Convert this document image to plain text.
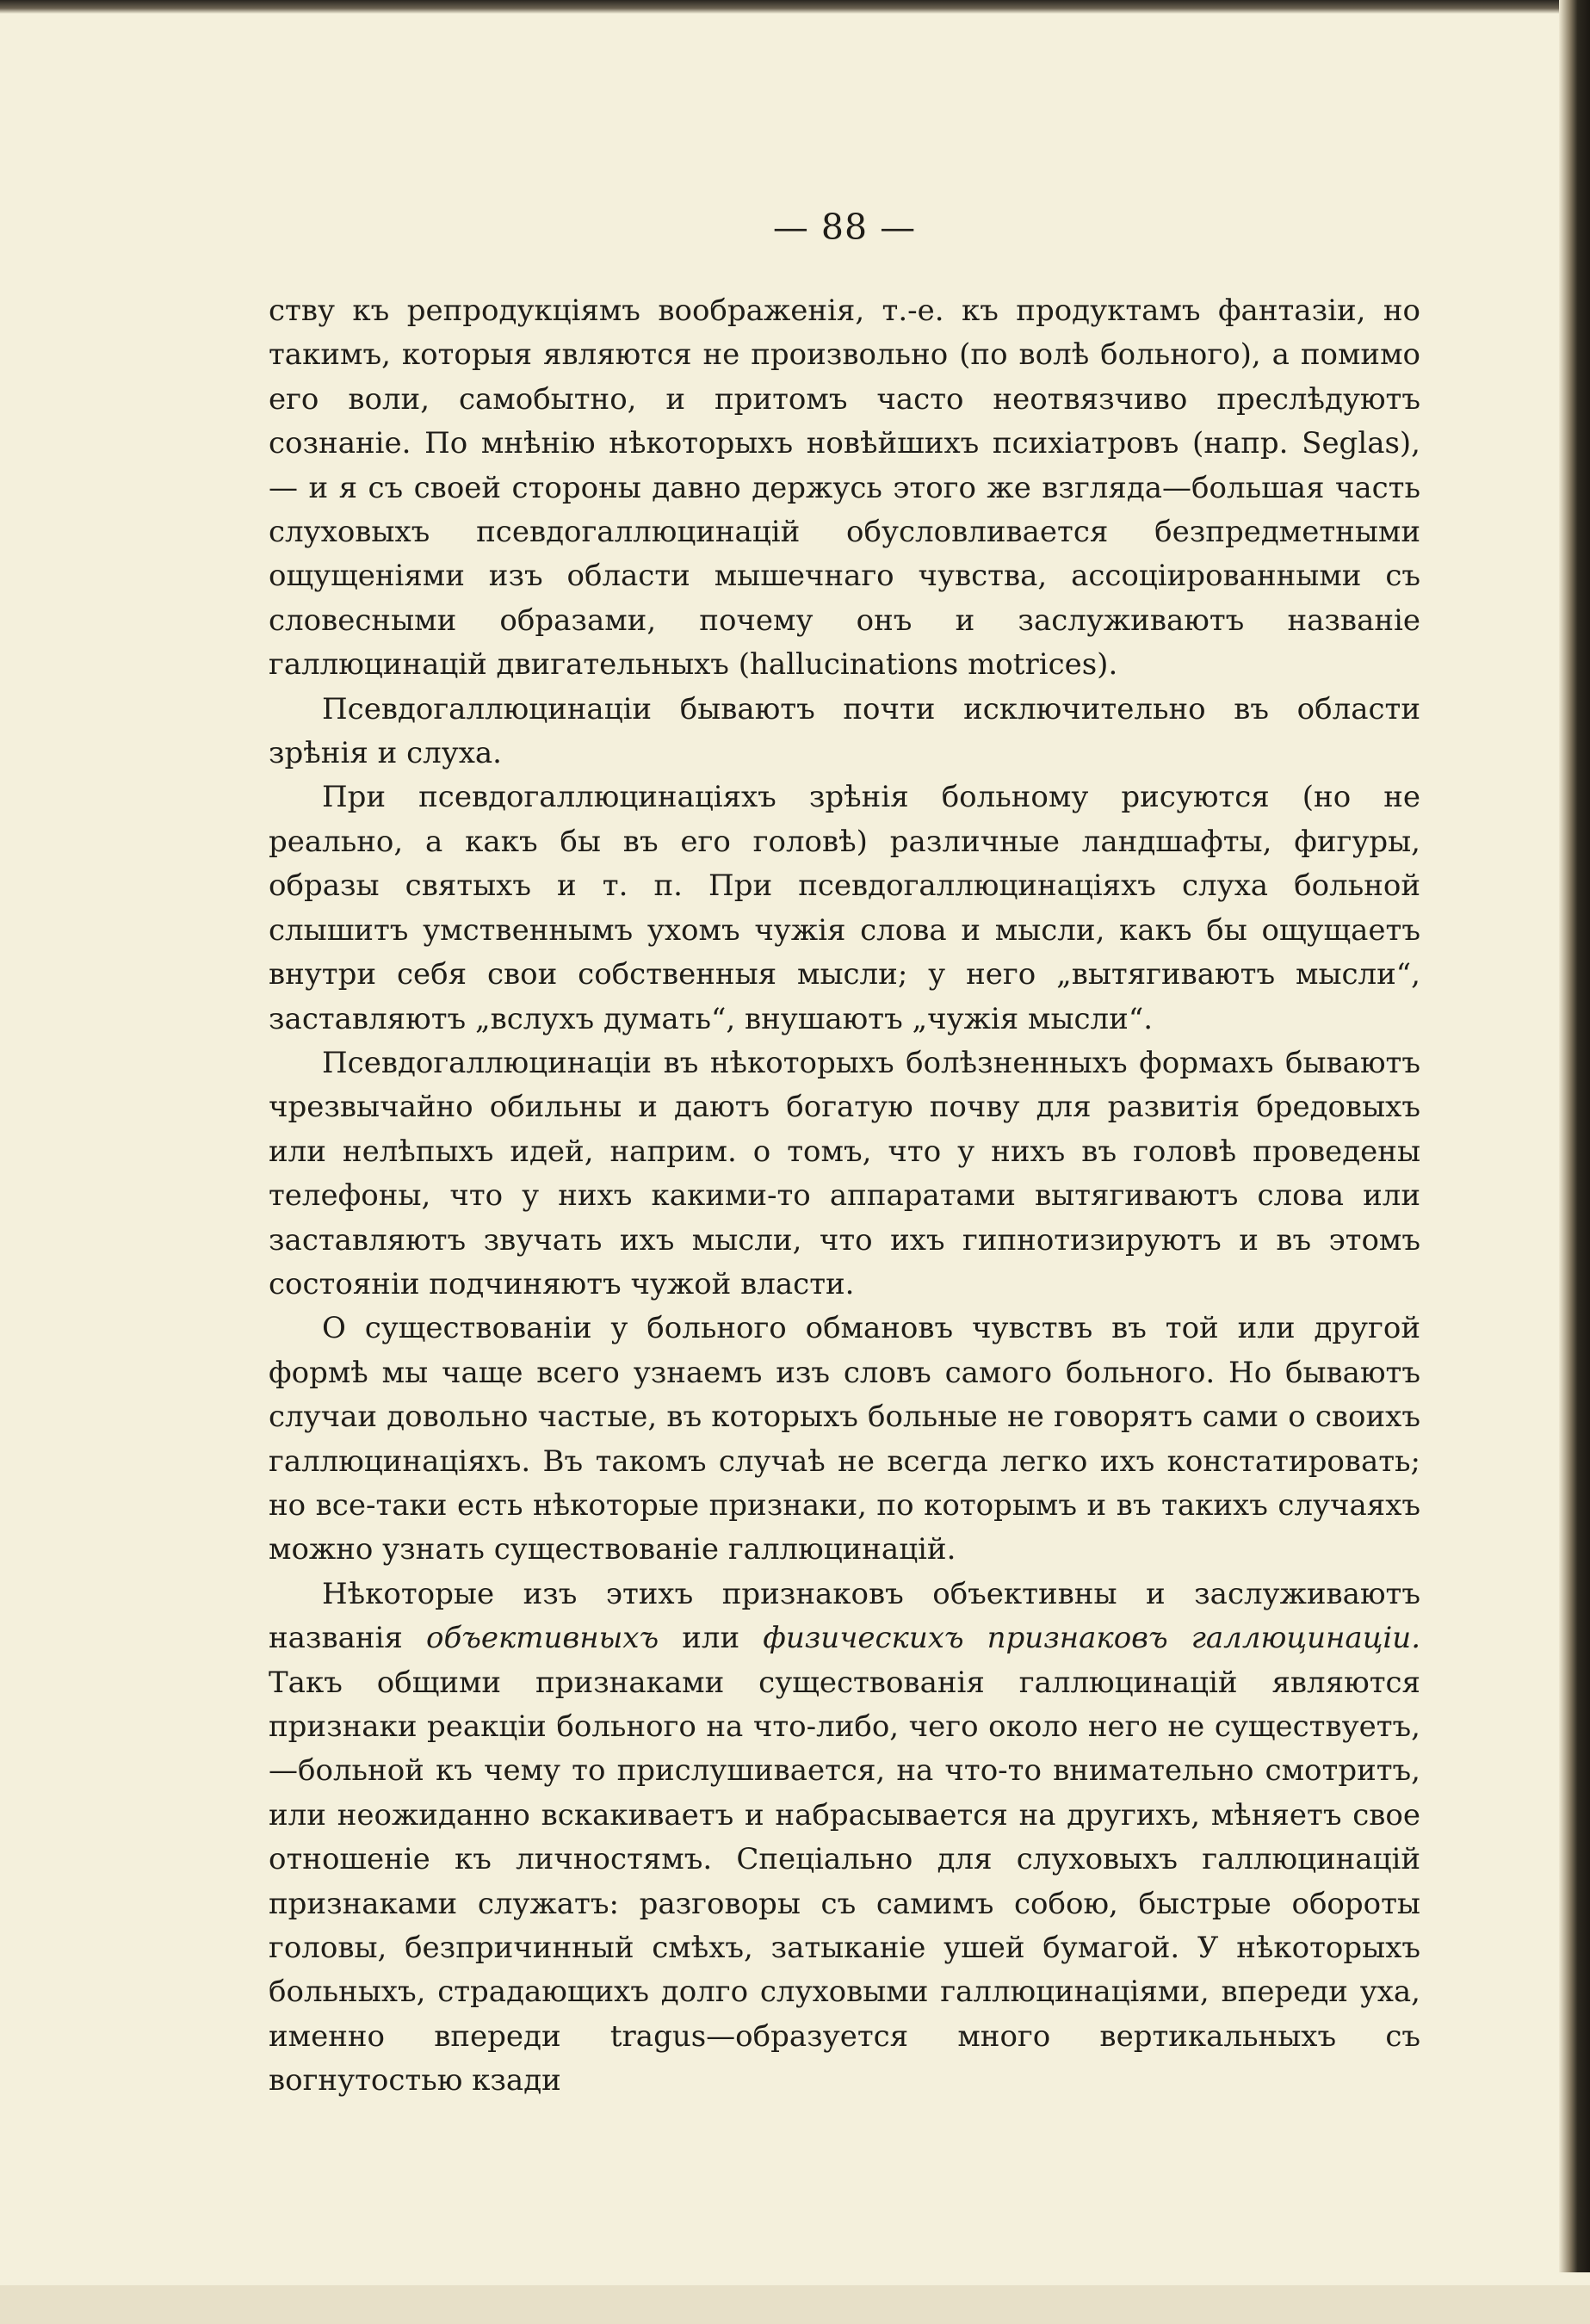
— 88 —

ству къ репродукціямъ воображенія, т.-е. къ продуктамъ фантазіи, но такимъ, которыя являются не произвольно (по волѣ больного), а помимо его воли, самобытно, и притомъ часто неотвязчиво преслѣдуютъ сознаніе. По мнѣнію нѣкоторыхъ новѣйшихъ психіатровъ (напр. Seglas),— и я съ своей стороны давно держусь этого же взгляда—большая часть слуховыхъ псевдогаллюцинацій обусловливается безпредметными ощущеніями изъ области мышечнаго чувства, ассоціированными съ словесными образами, почему онъ и заслуживаютъ названіе галлюцинацій двигательныхъ (hallucinations motrices).

Псевдогаллюцинаціи бываютъ почти исключительно въ области зрѣнія и слуха.

При псевдогаллюцинаціяхъ зрѣнія больному рисуются (но не реально, а какъ бы въ его головѣ) различные ландшафты, фигуры, образы святыхъ и т. п. При псевдогаллюцинаціяхъ слуха больной слышитъ умственнымъ ухомъ чужія слова и мысли, какъ бы ощущаетъ внутри себя свои собственныя мысли; у него „вытягиваютъ мысли“, заставляютъ „вслухъ думать“, внушаютъ „чужія мысли“.

Псевдогаллюцинаціи въ нѣкоторыхъ болѣзненныхъ формахъ бываютъ чрезвычайно обильны и даютъ богатую почву для развитія бредовыхъ или нелѣпыхъ идей, наприм. о томъ, что у нихъ въ головѣ проведены телефоны, что у нихъ какими-то аппаратами вытягиваютъ слова или заставляютъ звучать ихъ мысли, что ихъ гипнотизируютъ и въ этомъ состояніи подчиняютъ чужой власти.

О существованіи у больного обмановъ чувствъ въ той или другой формѣ мы чаще всего узнаемъ изъ словъ самого больного. Но бываютъ случаи довольно частые, въ которыхъ больные не говорятъ сами о своихъ галлюцинаціяхъ. Въ такомъ случаѣ не всегда легко ихъ констатировать; но все-таки есть нѣкоторые признаки, по которымъ и въ такихъ случаяхъ можно узнать существованіе галлюцинацій.

Нѣкоторые изъ этихъ признаковъ объективны и заслуживаютъ названія объективныхъ или физическихъ признаковъ галлюцинаціи. Такъ общими признаками существованія галлюцинацій являются признаки реакціи больного на что-либо, чего около него не существуетъ,—больной къ чему то прислушивается, на что-то внимательно смотритъ, или неожиданно вскакиваетъ и набрасывается на другихъ, мѣняетъ свое отношеніе къ личностямъ. Спеціально для слуховыхъ галлюцинацій признаками служатъ: разговоры съ самимъ собою, быстрые обороты головы, безпричинный смѣхъ, затыканіе ушей бумагой. У нѣкоторыхъ больныхъ, страдающихъ долго слуховыми галлюцинаціями, впереди уха, именно впереди tragus—образуется много вертикальныхъ съ вогнутостью кзади
